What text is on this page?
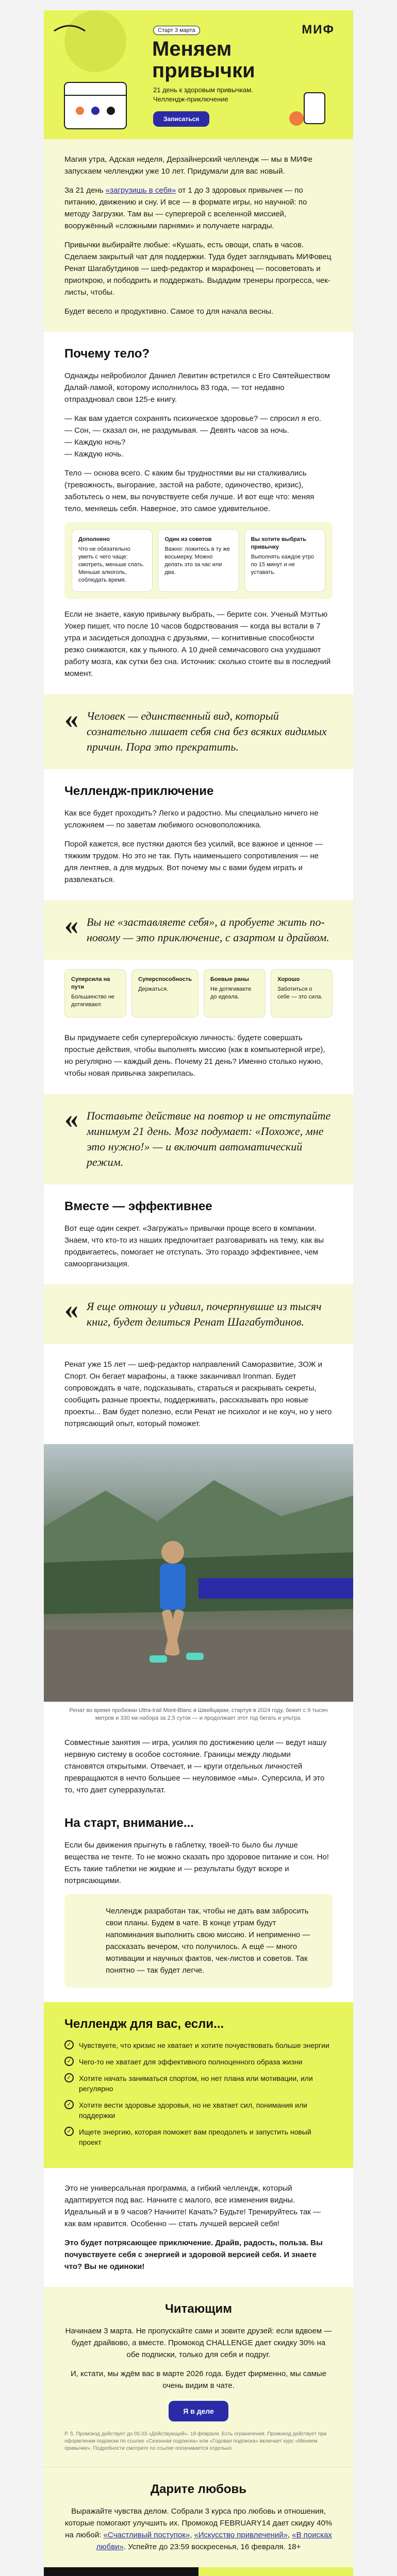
МИФ
Старт 3 марта
Меняем
привычки
21 день к здоровым привычкам.
Челлендж-приключение
Записаться

Магия утра, Адская неделя, Дерзайнерский челлендж — мы в МИФе запускаем челленджи уже 10 лет. Придумали для вас новый.

За 21 день «загрузишь в себя» от 1 до 3 здоровых привычек — по питанию, движению и сну. И все — в формате игры, но научной: по методу Загрузки. Там вы — супергерой с вселенной миссией, вооружённый «сложными парнями» и получаете награды.

Привычки выбирайте любые: «Кушать, есть овощи, спать в часов. Сделаем закрытый чат для поддержки. Туда будет заглядывать МИФовец Ренат Шагабутдинов — шеф-редактор и марафонец — посоветовать и приоткрою, и пободрить и поддержать. Выдадим тренеры прогресса, чек-листы, чтобы.

Будет весело и продуктивно. Самое то для начала весны.

Почему тело?

Однажды нейробиолог Даниел Левитин встретился с Его Святейшеством Далай-ламой, которому исполнилось 83 года, — тот недавно отпраздновал свои 125-е книгу.

— Как вам удается сохранять психическое здоровье? — спросил я его.
— Сон, — сказал он, не раздумывая. — Девять часов за ночь.
— Каждую ночь?
— Каждую ночь.

Тело — основа всего. С каким бы трудностями вы ни сталкивались (тревожность, выгорание, застой на работе, одиночество, кризис), заботьтесь о нем, вы почувствуете себя лучше. И вот еще что: меняя тело, меняешь себя. Наверное, это самое удивительное.

Дополнено
Что не обязательно уметь с чего чаще: смотреть, меньше спать. Меньше алкоголь, соблюдать время.
Один из советов
Важно: ложитесь в ту же восьмерку. Можно делать это за час или два.
Вы хотите выбрать привычку
Выполнять каждое утро по 15 минут и не уставать.

Если не знаете, какую привычку выбрать, — берите сон. Ученый Мэттью Уокер пишет, что после 10 часов бодрствования — когда вы встали в 7 утра и засидеться допоздна с друзьями, — когнитивные способности резко снижаются, как у пьяного. А 10 дней семичасового сна ухудшают работу мозга, как сутки без сна. Источник: сколько стоите вы в последний момент.

« Человек — единственный вид, который сознательно лишает себя сна без всяких видимых причин. Пора это прекратить.
Челлендж-приключение

Как все будет проходить? Легко и радостно. Мы специально ничего не усложняем — по заветам любимого основоположника.

Порой кажется, все пустяки даются без усилий, все важное и ценное — тяжким трудом. Но это не так. Путь наименьшего сопротивления — не для лентяев, а для мудрых. Вот почему мы с вами будем играть и развлекаться.

« Вы не «заставляете себя», а пробуете жить по-новому — это приключение, с азартом и драйвом.
Суперсила на пути
Большинство не дотягивают.
Суперспособность
Держаться.
Боевые раны
Не дотягиваете до идеала.
Хорошо
Заботиться о себе — это сила.

Вы придумаете себя супергеройскую личность: будете совершать простые действия, чтобы выполнять миссию (как в компьютерной игре), но регулярно — каждый день. Почему 21 день? Именно столько нужно, чтобы новая привычка закрепилась.

« Поставьте действие на повтор и не отступайте минимум 21 день. Мозг подумает: «Похоже, мне это нужно!» — и включит автоматический режим.
Вместе — эффективнее

Вот еще один секрет. «Загружать» привычки проще всего в компании. Знаем, что кто-то из наших предпочитает разговаривать на тему, как вы продвигаетесь, помогает не отступать. Это гораздо эффективнее, чем самоорганизация.

« Я еще отношу и удивил, почерпнувшие из тысяч книг, будет делиться Ренат Шагабутдинов.

Ренат уже 15 лет — шеф-редактор направлений Саморазвитие, ЗОЖ и Спорт. Он бегает марафоны, а также заканчивал Ironman. Будет сопровождать в чате, подсказывать, стараться и раскрывать секреты, сообщить разные проекты, поддерживать, рассказывать про новые проекты... Вам будет полезно, если Ренат не психолог и не коуч, но у него потрясающий опыт, который поможет.

Ренат во время пробежки Ultra-trail Mont-Blanc в Швейцарии, стартуя в 2024 году, бежит с 9 тысяч метров и 330 км набора за 2,5 суток — и продолжает этот год бегать и ультра.

Совместные занятия — игра, усилия по достижению цели — ведут нашу нервную систему в особое состояние. Границы между людьми становятся открытыми. Отвечает, и — круги отдельных личностей превращаются в нечто большее — неуловимое «мы». Суперсила, И это то, что дает суперразультат.

На старт, внимание...

Если бы движения прыгнуть в габлетку, твоей-то было бы лучше вещества не тенте. То не можно сказать про здоровое питание и сон. Но! Есть такие таблетки не жидкие и — результаты будут вскоре и потрясающими.

Челлендж разработан так, чтобы не дать вам забросить свои планы. Будем в чате. В конце утрам будут напоминания выполнить свою миссию. И неприменно — рассказать вечером, что получилось. А ещё — много мотивации и научных фактов, чек-листов и советов. Так понятно — так будет легче.

Челлендж для вас, если...
✓	Чувствуете, что кризис не хватает и хотите почувствовать больше энергии
✓	Чего-то не хватает для эффективного полноценного образа жизни
✓	Хотите начать заниматься спортом, но нет плана или мотивации, или регулярно
✓	Хотите вести здоровье здоровья, но не хватает сил, понимания или поддержки
✓	Ищете энергию, которая поможет вам преодолеть и запустить новый проект

Это не универсальная программа, а гибкий челлендж, который адаптируется под вас. Начните с малого, все изменения видны. Идеальный и в 9 часов? Начните! Качать? Будьте! Тренируйтесь так — как вам нравится. Особенно — стать лучшей версией себя!

Это будет потрясающее приключение. Драйв, радость, польза. Вы почувствуете себя с энергией и здоровой версией себя. И знаете что? Вы не одиноки!

Читающим

Начинаем 3 марта. Не пропускайте сами и зовите друзей: если вдвоем — будет драйвово, а вместе. Промокод CHALLENGE дает скидку 30% на обе подписки, только для себя и подруг.

И, кстати, мы ждём вас в марте 2026 года. Будет фирменно, мы самые очень видим в чате.

Я в деле
Р. S. Промокод действует до 05.03 «Действующий». 18 февраля. Есть ограничения. Промокод действует при оформлении подписки по ссылке «Сезонная подписка» или «Годовая подписка» включает курс «Меняем привычки». Подробности смотрите по ссылке оплачивается отдельно
Дарите любовь

Выражайте чувства делом. Собрали 3 курса про любовь и отношения, которые помогают улучшить их. Промокод FEBRUARY14 дает скидку 40% на любой: «Счастливый поступок», «Искусство привлечений», «В поисках любви». Успейте до 23:59 воскресенья, 16 февраля. 18+
